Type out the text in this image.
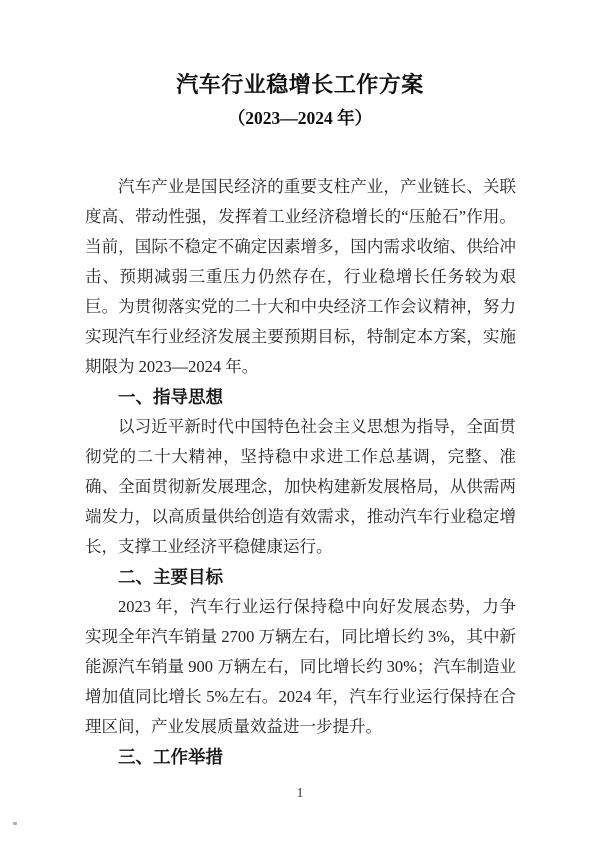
汽车行业稳增长工作方案
（2023—2024 年）

汽车产业是国民经济的重要支柱产业，产业链长、关联度高、带动性强，发挥着工业经济稳增长的“压舱石”作用。当前，国际不稳定不确定因素增多，国内需求收缩、供给冲击、预期减弱三重压力仍然存在，行业稳增长任务较为艰巨。为贯彻落实党的二十大和中央经济工作会议精神，努力实现汽车行业经济发展主要预期目标，特制定本方案，实施期限为 2023—2024 年。

一、指导思想

以习近平新时代中国特色社会主义思想为指导，全面贯彻党的二十大精神，坚持稳中求进工作总基调，完整、准确、全面贯彻新发展理念，加快构建新发展格局，从供需两端发力，以高质量供给创造有效需求，推动汽车行业稳定增长，支撑工业经济平稳健康运行。

二、主要目标

2023 年，汽车行业运行保持稳中向好发展态势，力争实现全年汽车销量 2700 万辆左右，同比增长约 3%，其中新能源汽车销量 900 万辆左右，同比增长约 30%；汽车制造业增加值同比增长 5%左右。2024 年，汽车行业运行保持在合理区间，产业发展质量效益进一步提升。

三、工作举措
1
